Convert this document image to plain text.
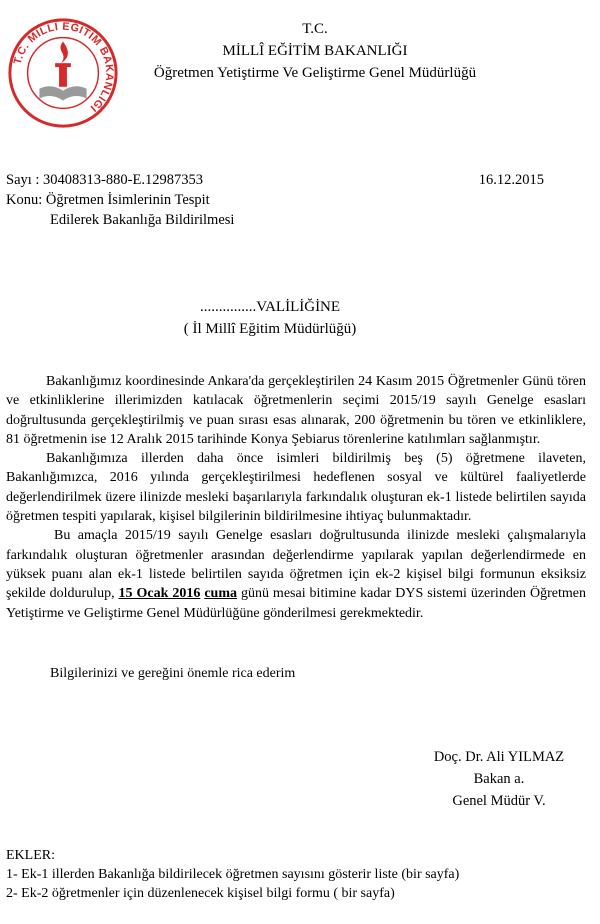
T.C. MİLLÎ EĞİTİM BAKANLIĞI
T.C.
MİLLÎ EĞİTİM BAKANLIĞI
Öğretmen Yetiştirme Ve Geliştirme Genel Müdürlüğü
Sayı : 30408313-880-E.12987353	16.12.2015
Konu: Öğretmen İsimlerinin Tespit
Edilerek Bakanlığa Bildirilmesi
...............VALİLİĞİNE
( İl Millî Eğitim Müdürlüğü)

Bakanlığımız koordinesinde Ankara'da gerçekleştirilen 24 Kasım 2015 Öğretmenler Günü tören ve etkinliklerine illerimizden katılacak öğretmenlerin seçimi 2015/19 sayılı Genelge esasları doğrultusunda gerçekleştirilmiş ve puan sırası esas alınarak, 200 öğretmenin bu tören ve etkinliklere, 81 öğretmenin ise 12 Aralık 2015 tarihinde Konya Şebiarus törenlerine katılımları sağlanmıştır.

Bakanlığımıza illerden daha önce isimleri bildirilmiş beş (5) öğretmene ilaveten, Bakanlığımızca, 2016 yılında gerçekleştirilmesi hedeflenen sosyal ve kültürel faaliyetlerde değerlendirilmek üzere ilinizde mesleki başarılarıyla farkındalık oluşturan ek-1 listede belirtilen sayıda öğretmen tespiti yapılarak, kişisel bilgilerinin bildirilmesine ihtiyaç bulunmaktadır.

Bu amaçla 2015/19 sayılı Genelge esasları doğrultusunda ilinizde mesleki çalışmalarıyla farkındalık oluşturan öğretmenler arasından değerlendirme yapılarak yapılan değerlendirmede en yüksek puanı alan ek-1 listede belirtilen sayıda öğretmen için ek-2 kişisel bilgi formunun eksiksiz şekilde doldurulup, 15 Ocak 2016 cuma günü mesai bitimine kadar DYS sistemi üzerinden Öğretmen Yetiştirme ve Geliştirme Genel Müdürlüğüne gönderilmesi gerekmektedir.

Bilgilerinizi ve gereğini önemle rica ederim
Doç. Dr. Ali YILMAZ
Bakan a.
Genel Müdür V.
EKLER:
1- Ek-1 illerden Bakanlığa bildirilecek öğretmen sayısını gösterir liste (bir sayfa)
2- Ek-2 öğretmenler için düzenlenecek kişisel bilgi formu ( bir sayfa)
